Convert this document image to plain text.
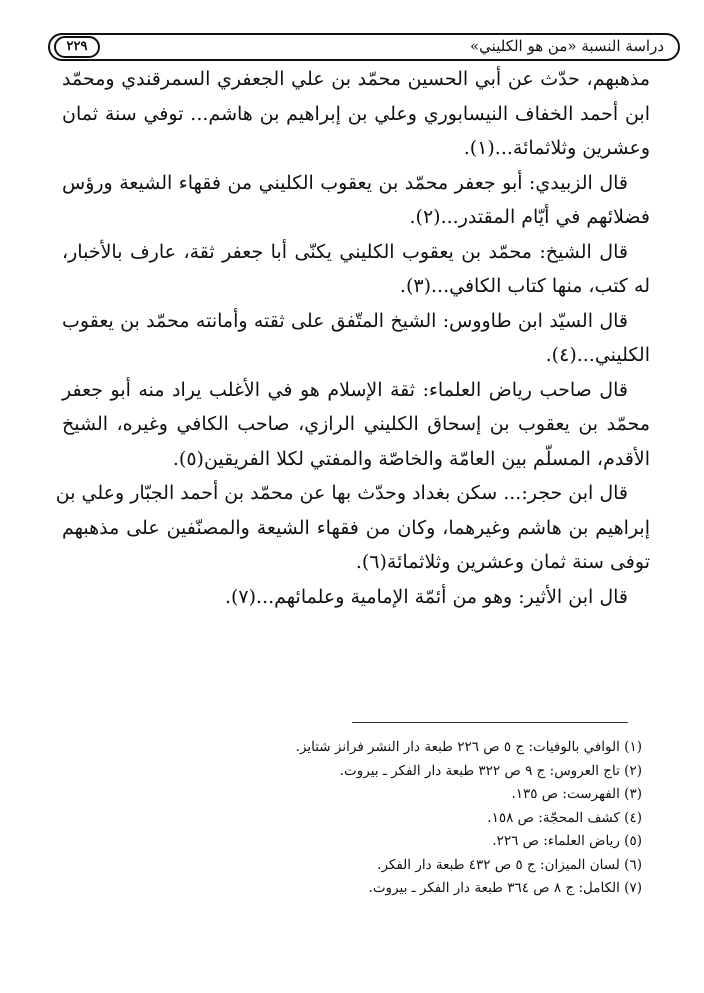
دراسة النسبة «من هو الكليني»
٢٢٩
مذهبهم، حدّث عن أبي الحسين محمّد بن علي الجعفري السمرقندي ومحمّد
ابن أحمد الخفاف النيسابوري وعلي بن إبراهيم بن هاشم... توفي سنة ثمان
وعشرين وثلاثمائة...(١).
قال الزبيدي: أبو جعفر محمّد بن يعقوب الكليني من فقهاء الشيعة ورؤس
فضلائهم في أيّام المقتدر...(٢).
قال الشيخ: محمّد بن يعقوب الكليني يكنّى أبا جعفر ثقة، عارف بالأخبار،
له كتب، منها كتاب الكافي...(٣).
قال السيّد ابن طاووس: الشيخ المتّفق على ثقته وأمانته محمّد بن يعقوب
الكليني...(٤).
قال صاحب رياض العلماء: ثقة الإسلام هو في الأغلب يراد منه أبو جعفر
محمّد بن يعقوب بن إسحاق الكليني الرازي، صاحب الكافي وغيره، الشيخ
الأقدم، المسلّم بين العامّة والخاصّة والمفتي لكلا الفريقين(٥).
قال ابن حجر:... سكن بغداد وحدّث بها عن محمّد بن أحمد الجبّار وعلي بن
إبراهيم بن هاشم وغيرهما، وكان من فقهاء الشيعة والمصنّفين على مذهبهم
توفى سنة ثمان وعشرين وثلاثمائة(٦).
قال ابن الأثير: وهو من أئمّة الإمامية وعلمائهم...(٧).
(١) الوافي بالوفيات: ج ٥ ص ٢٢٦ طبعة دار النشر فرانز شتايز.
(٢) تاج العروس: ج ٩ ص ٣٢٢ طبعة دار الفكر ـ بيروت.
(٣) الفهرست: ص ١٣٥.
(٤) كشف المحجّة: ص ١٥٨.
(٥) رياض العلماء: ص ٢٢٦.
(٦) لسان الميزان: ج ٥ ص ٤٣٢ طبعة دار الفكر.
(٧) الكامل: ج ٨ ص ٣٦٤ طبعة دار الفكر ـ بيروت.
